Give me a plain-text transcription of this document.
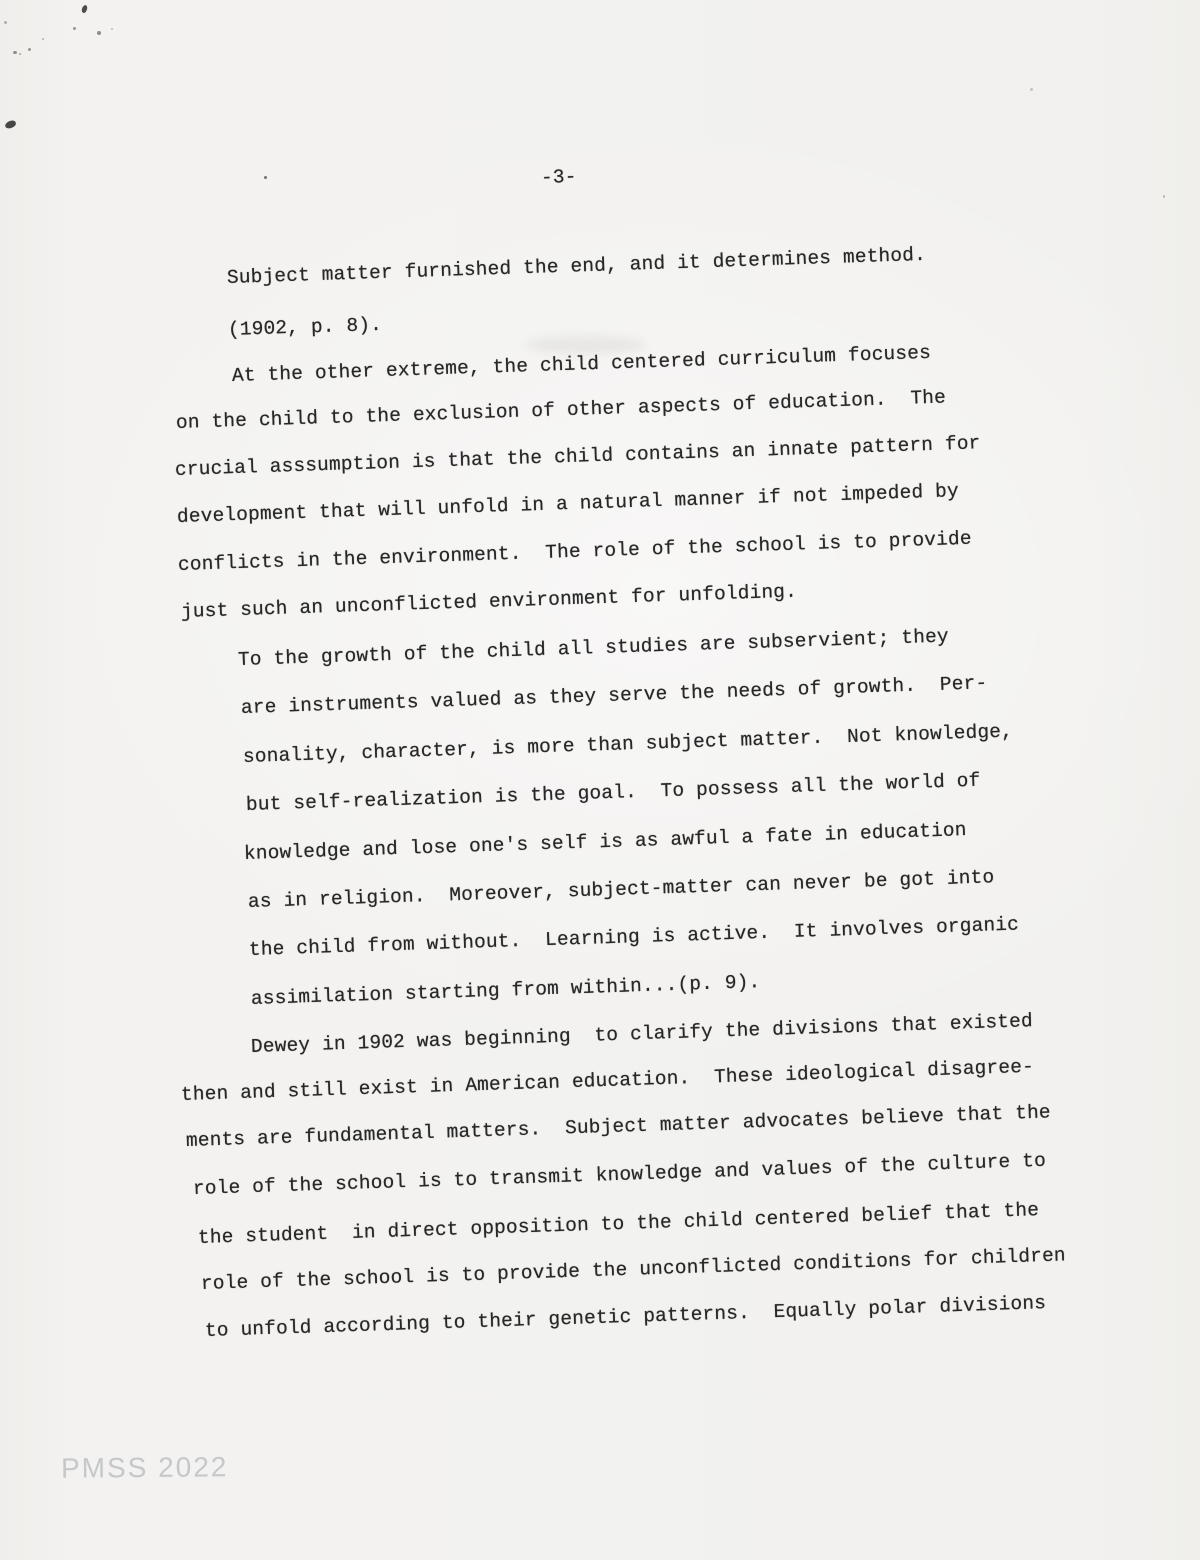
-3-
Subject matter furnished the end, and it determines method.
(1902, p. 8).
At the other extreme, the child centered curriculum focuses
on the child to the exclusion of other aspects of education.  The
crucial asssumption is that the child contains an innate pattern for
development that will unfold in a natural manner if not impeded by
conflicts in the environment.  The role of the school is to provide
just such an unconflicted environment for unfolding.
To the growth of the child all studies are subservient; they
are instruments valued as they serve the needs of growth.  Per-
sonality, character, is more than subject matter.  Not knowledge,
but self-realization is the goal.  To possess all the world of
knowledge and lose one's self is as awful a fate in education
as in religion.  Moreover, subject-matter can never be got into
the child from without.  Learning is active.  It involves organic
assimilation starting from within...(p. 9).
Dewey in 1902 was beginning  to clarify the divisions that existed
then and still exist in American education.  These ideological disagree-
ments are fundamental matters.  Subject matter advocates believe that the
role of the school is to transmit knowledge and values of the culture to
the student  in direct opposition to the child centered belief that the
role of the school is to provide the unconflicted conditions for children
to unfold according to their genetic patterns.  Equally polar divisions
PMSS 2022
